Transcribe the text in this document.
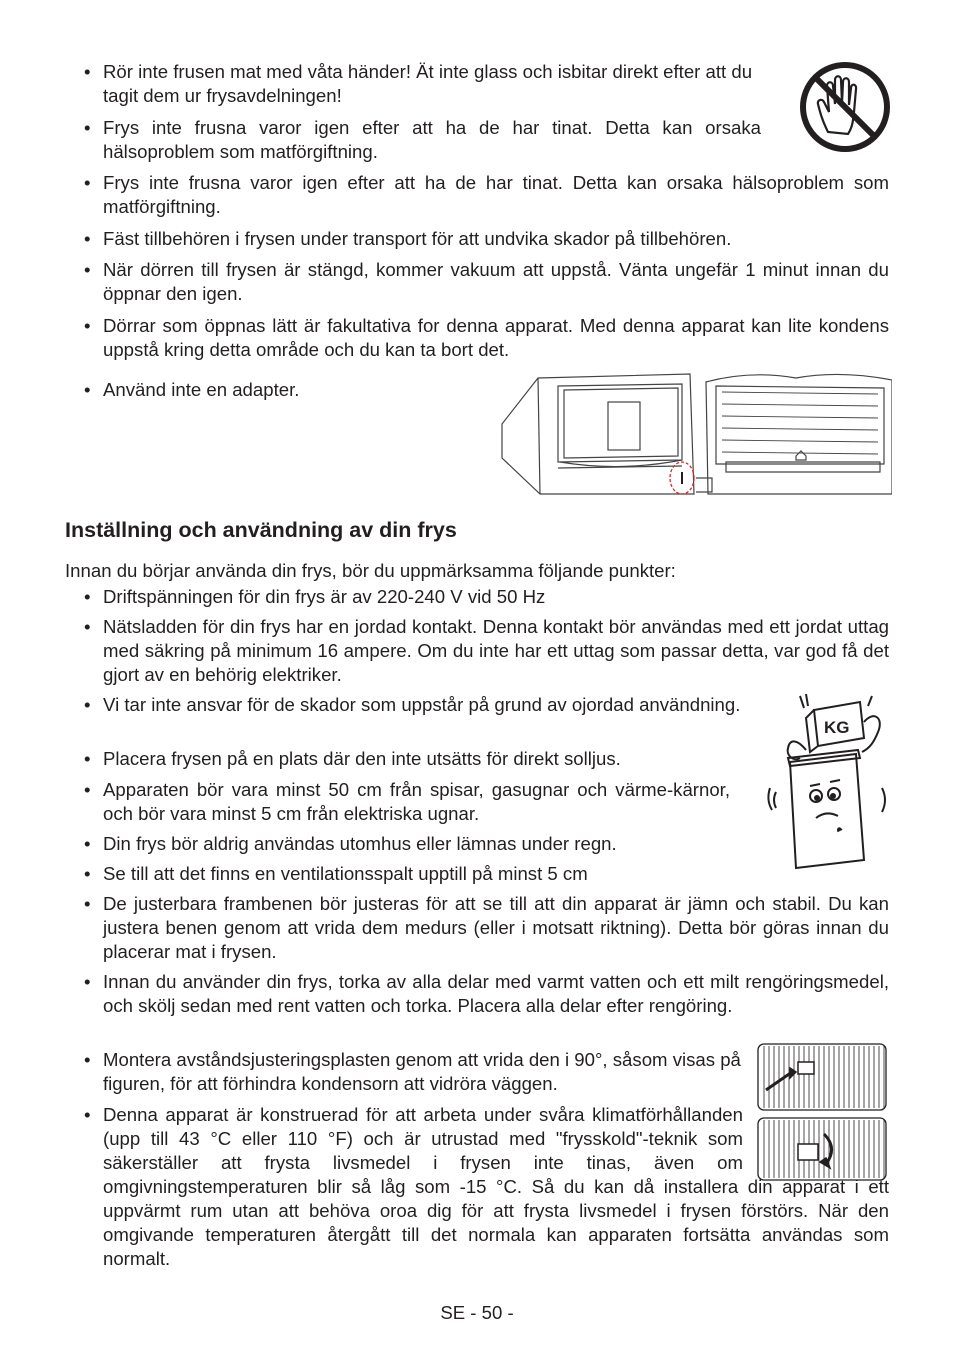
• Rör inte frusen mat med våta händer! Ät inte glass och isbitar direkt efter att du tagit dem ur frysavdelningen!
• Frys inte frusna varor igen efter att ha de har tinat. Detta kan orsaka hälsoproblem som matförgiftning.
• Frys inte frusna varor igen efter att ha de har tinat. Detta kan orsaka hälsoproblem som matförgiftning.
• Fäst tillbehören i frysen under transport för att undvika skador på tillbehören.
• När dörren till frysen är stängd, kommer vakuum att uppstå. Vänta ungefär 1 minut innan du öppnar den igen.
• Dörrar som öppnas lätt är fakultativa for denna apparat. Med denna apparat kan lite kondens uppstå kring detta område och du kan ta bort det.
• Använd inte en adapter.
Inställning och användning av din frys
Innan du börjar använda din frys, bör du uppmärksamma följande punkter:
• Driftspänningen för din frys är av 220-240 V vid 50 Hz
• Nätsladden för din frys har en jordad kontakt. Denna kontakt bör användas med ett jordat uttag med säkring på minimum 16 ampere. Om du inte har ett uttag som passar detta, var god få det gjort av en behörig elektriker.
• Vi tar inte ansvar för de skador som uppstår på grund av ojordad användning.
• Placera frysen på en plats där den inte utsätts för direkt solljus.
• Apparaten bör vara minst 50 cm från spisar, gasugnar och värme-kärnor, och bör vara minst 5 cm från elektriska ugnar.
• Din frys bör aldrig användas utomhus eller lämnas under regn.
• Se till att det finns en ventilationsspalt upptill på minst 5 cm
• De justerbara frambenen bör justeras för att se till att din apparat är jämn och stabil. Du kan justera benen genom att vrida dem medurs (eller i motsatt riktning). Detta bör göras innan du placerar mat i frysen.
• Innan du använder din frys, torka av alla delar med varmt vatten och ett milt rengöringsmedel, och skölj sedan med rent vatten och torka. Placera alla delar efter rengöring.
• Montera avståndsjusteringsplasten genom att vrida den i 90°, såsom visas på figuren, för att förhindra kondensorn att vidröra väggen.
• Denna apparat är konstruerad för att arbeta under svåra klimatförhållanden (upp till 43 °C eller 110 °F) och är utrustad med "frysskold"-teknik som säkerställer att frysta livsmedel i frysen inte tinas, även om omgivningstemperaturen blir så låg som -15 °C. Så du kan då installera din apparat i ett uppvärmt rum utan att behöva oroa dig för att frysta livsmedel i frysen förstörs. När den omgivande temperaturen återgått till det normala kan apparaten fortsätta användas som normalt.
KG
SE - 50 -
